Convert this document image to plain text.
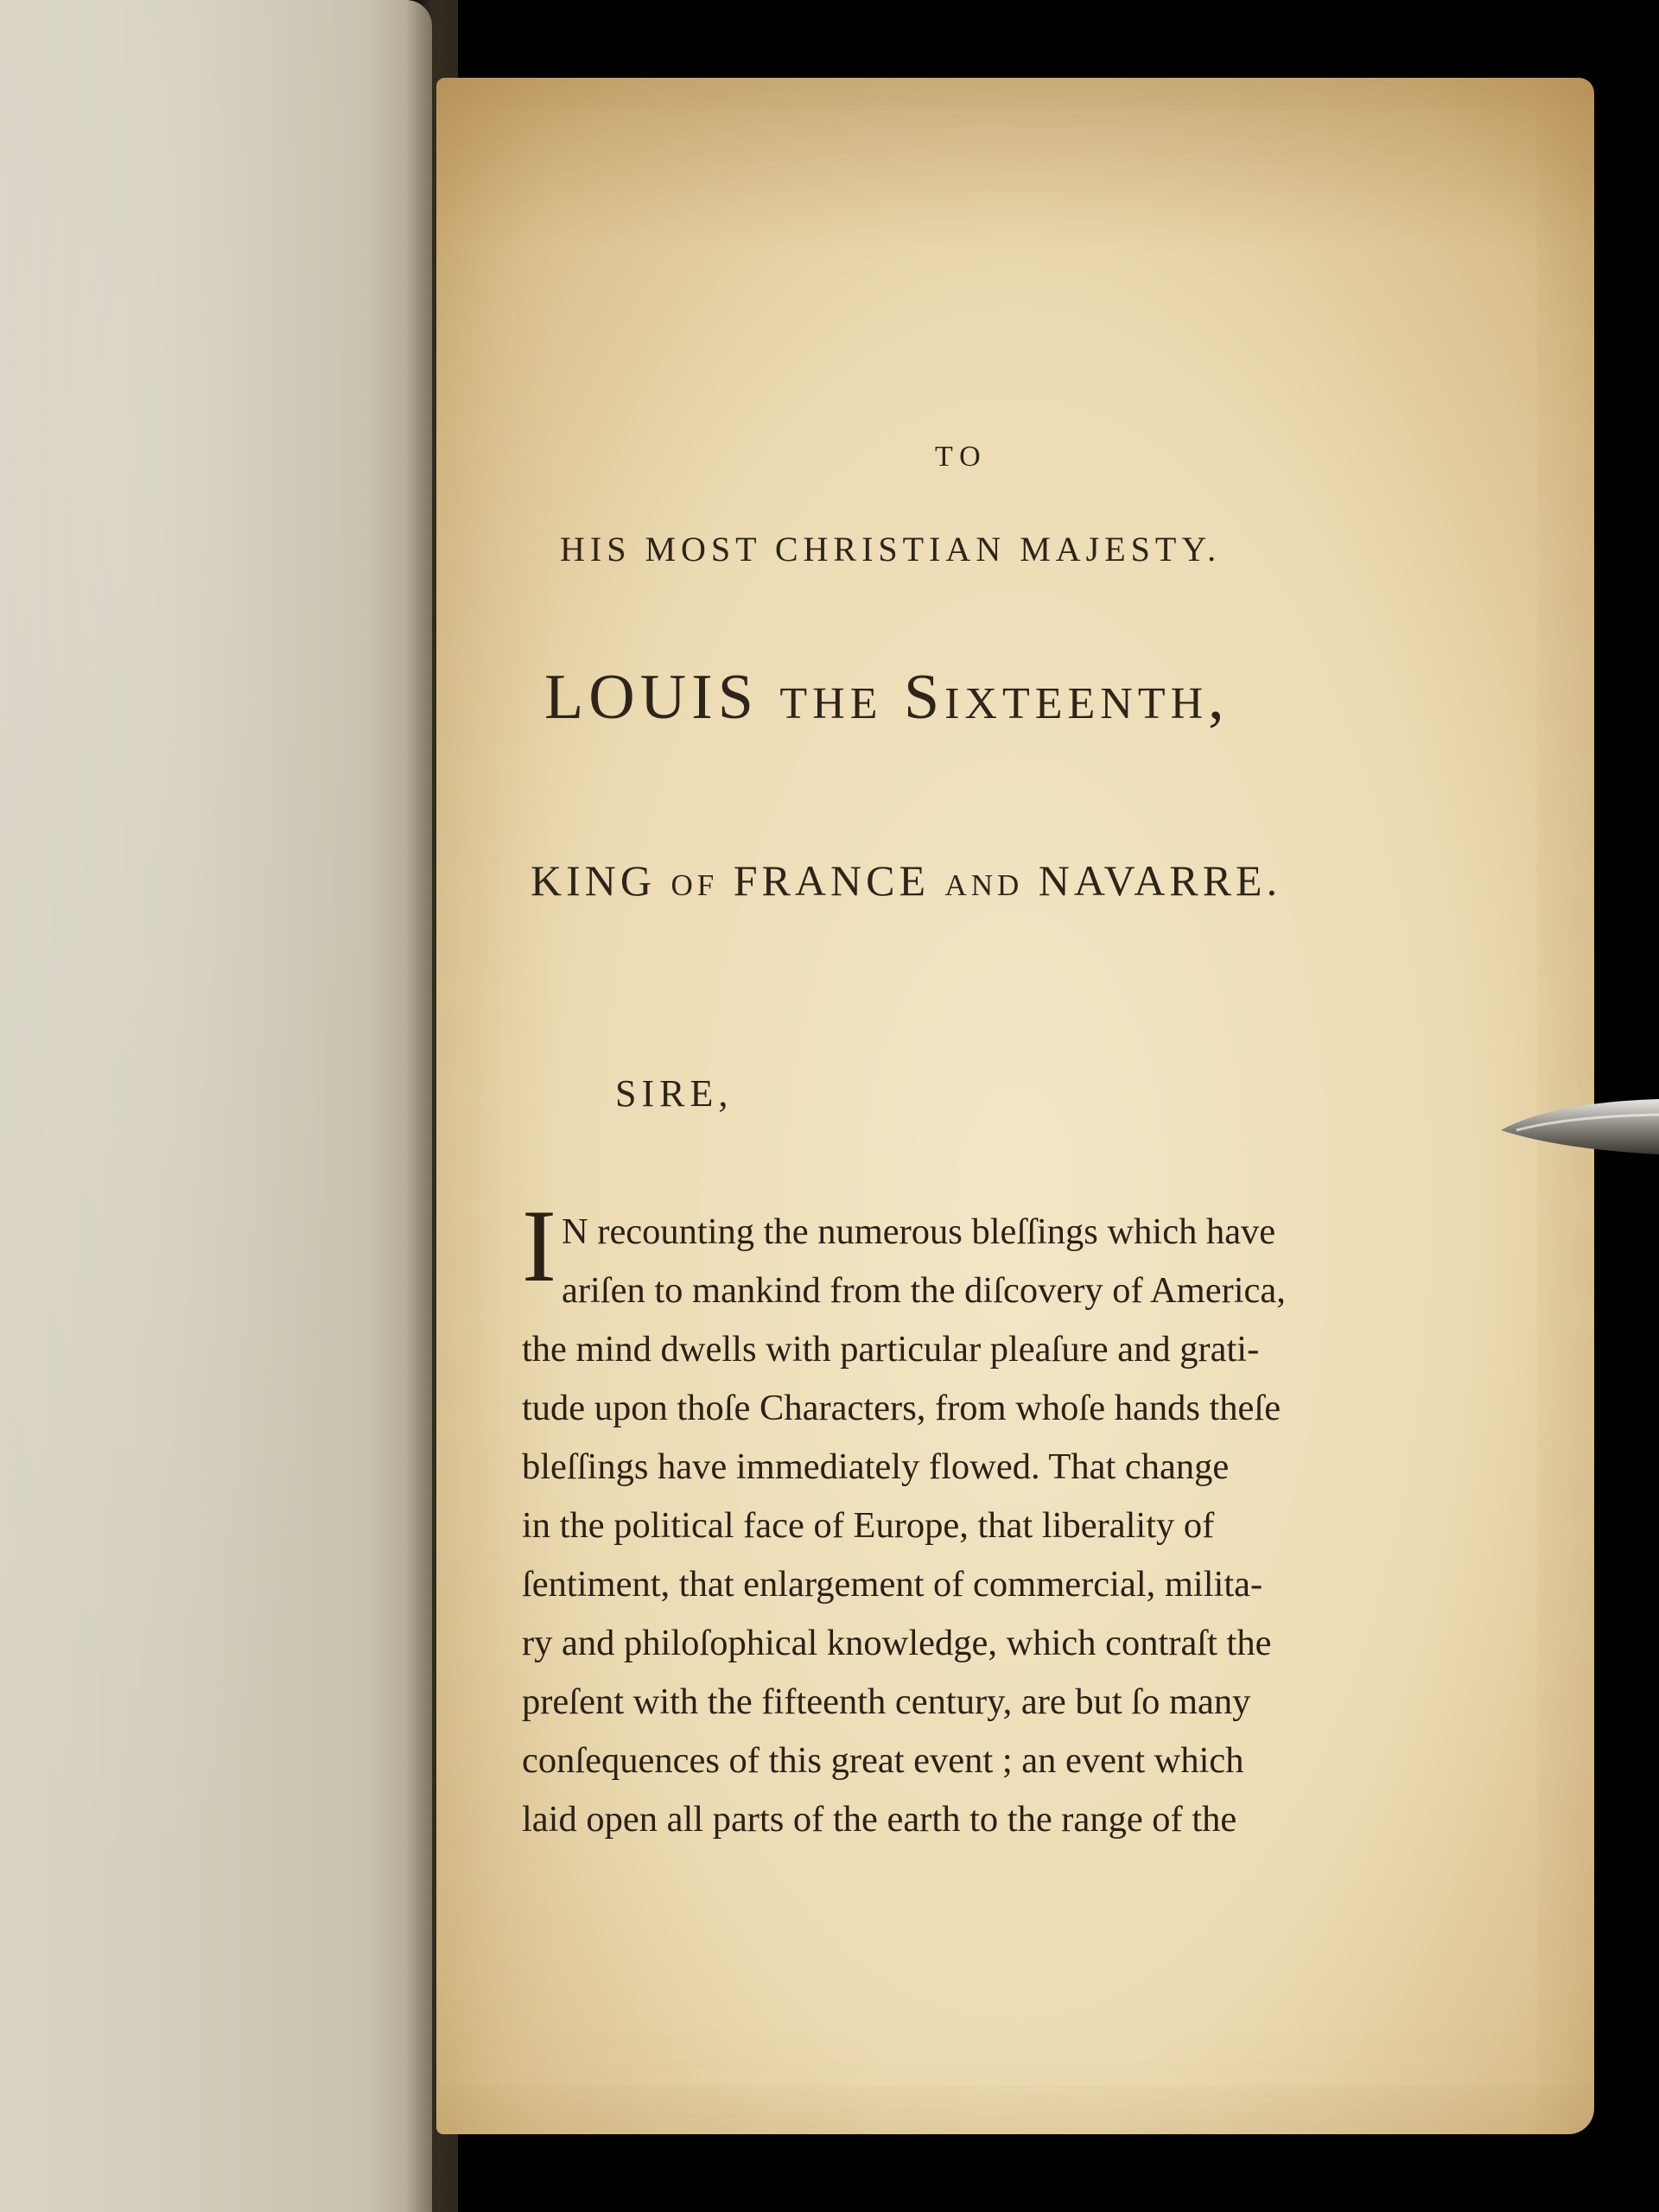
TO
HIS MOST CHRISTIAN MAJESTY.
LOUIS the Sixteenth,
KING of FRANCE and NAVARRE.
SIRE,
I N recounting the numerous bleſſings which have
ariſen to mankind from the diſcovery of America,
the mind dwells with particular pleaſure and grati-
tude upon thoſe Characters, from whoſe hands theſe
bleſſings have immediately flowed. That change
in the political face of Europe, that liberality of
ſentiment, that enlargement of commercial, milita-
ry and philoſophical knowledge, which contraſt the
preſent with the fifteenth century, are but ſo many
conſequences of this great event ; an event which
laid open all parts of the earth to the range of the
